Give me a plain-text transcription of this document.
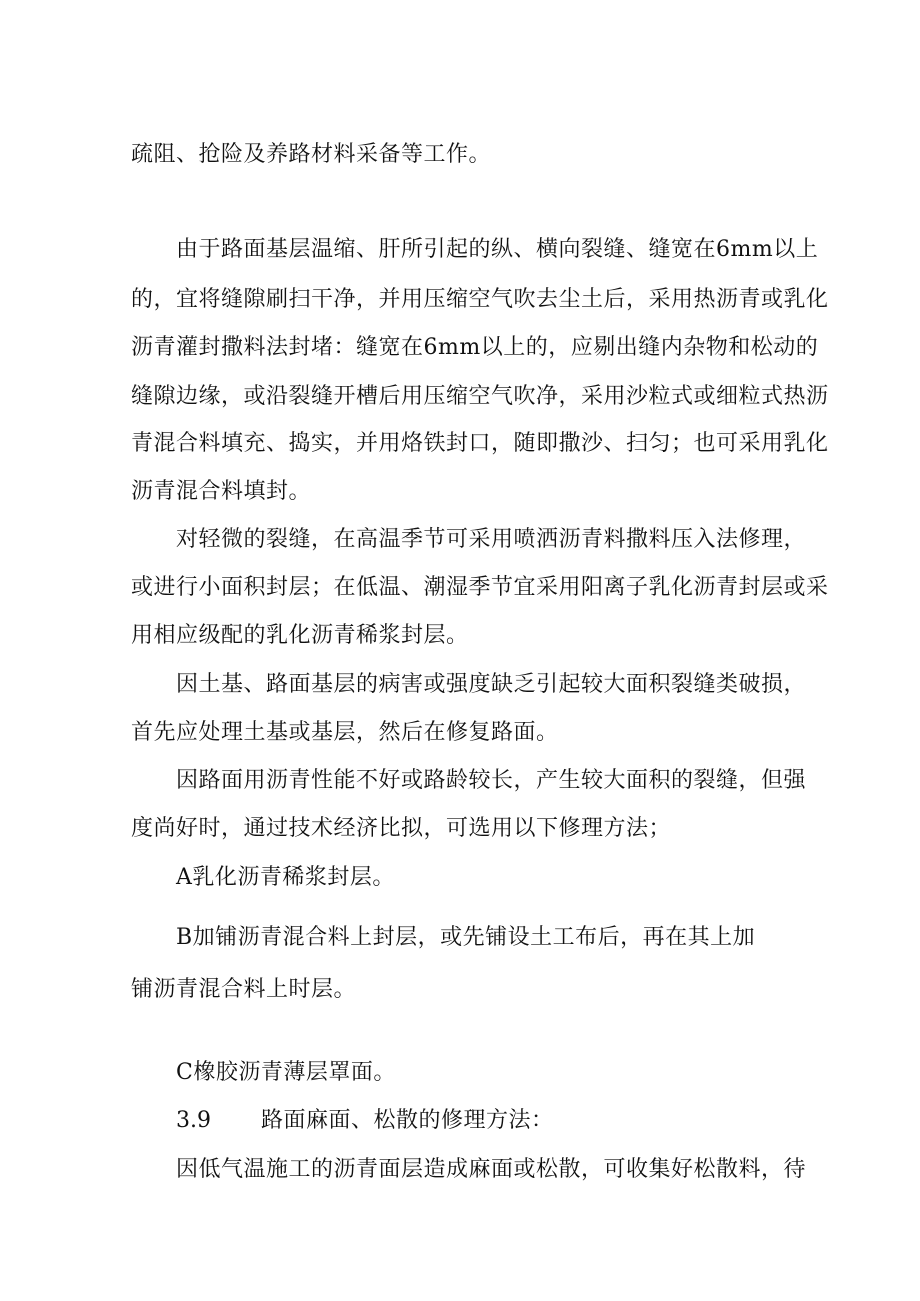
疏阻、抢险及养路材料采备等工作。
由于路面基层温缩、肝所引起的纵、横向裂缝、缝宽在6mm以上
的，宜将缝隙刷扫干净，并用压缩空气吹去尘土后，采用热沥青或乳化
沥青灌封撒料法封堵：缝宽在6mm以上的，应剔出缝内杂物和松动的
缝隙边缘，或沿裂缝开槽后用压缩空气吹净，采用沙粒式或细粒式热沥
青混合料填充、捣实，并用烙铁封口，随即撒沙、扫匀；也可采用乳化
沥青混合料填封。
对轻微的裂缝，在高温季节可采用喷洒沥青料撒料压入法修理，
或进行小面积封层；在低温、潮湿季节宜采用阳离子乳化沥青封层或采
用相应级配的乳化沥青稀浆封层。
因土基、路面基层的病害或强度缺乏引起较大面积裂缝类破损，
首先应处理土基或基层，然后在修复路面。
因路面用沥青性能不好或路龄较长，产生较大面积的裂缝，但强
度尚好时，通过技术经济比拟，可选用以下修理方法；
A乳化沥青稀浆封层。
B加铺沥青混合料上封层，或先铺设土工布后，再在其上加
铺沥青混合料上时层。
C橡胶沥青薄层罩面。
3.9 路面麻面、松散的修理方法：
因低气温施工的沥青面层造成麻面或松散，可收集好松散料，待
